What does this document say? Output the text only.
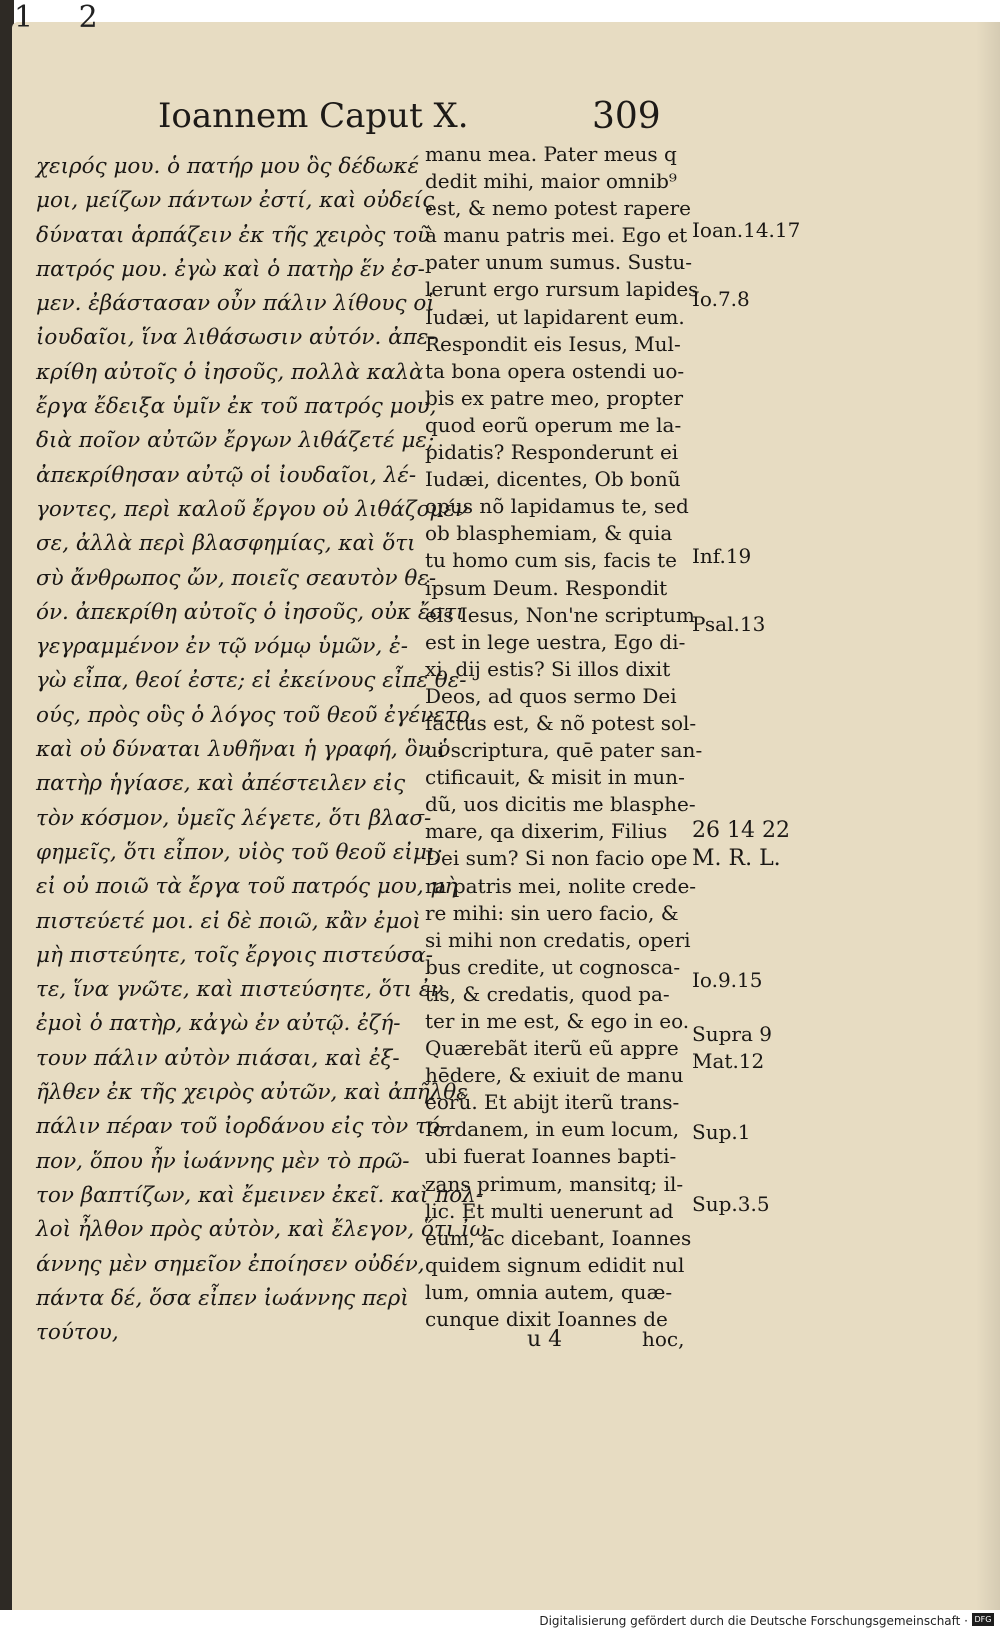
1 2
Ioannem Caput X.	309
χειρός μου. ὁ πατήρ μου ὃς δέδωκέ
μοι, μείζων πάντων ἐστί, καὶ οὐδείς
δύναται ἁρπάζειν ἐκ τῆς χειρὸς τοῦ
πατρός μου. ἐγὼ καὶ ὁ πατὴρ ἕν ἐσ-
μεν. ἐβάστασαν οὖν πάλιν λίθους οἱ
ἰουδαῖοι, ἵνα λιθάσωσιν αὐτόν. ἀπε-
κρίθη αὐτοῖς ὁ ἰησοῦς, πολλὰ καλὰ
ἔργα ἔδειξα ὑμῖν ἐκ τοῦ πατρός μου,
διὰ ποῖον αὐτῶν ἔργων λιθάζετέ με;
ἀπεκρίθησαν αὐτῷ οἱ ἰουδαῖοι, λέ-
γοντες, περὶ καλοῦ ἔργου οὐ λιθάζομέν
σε, ἀλλὰ περὶ βλασφημίας, καὶ ὅτι
σὺ ἄνθρωπος ὤν, ποιεῖς σεαυτὸν θε-
όν. ἀπεκρίθη αὐτοῖς ὁ ἰησοῦς, οὐκ ἔστι
γεγραμμένον ἐν τῷ νόμῳ ὑμῶν, ἐ-
γὼ εἶπα, θεοί ἐστε; εἰ ἐκείνους εἶπε θε-
ούς, πρὸς οὓς ὁ λόγος τοῦ θεοῦ ἐγένετο,
καὶ οὐ δύναται λυθῆναι ἡ γραφή, ὃν ὁ
πατὴρ ἡγίασε, καὶ ἀπέστειλεν εἰς
τὸν κόσμον, ὑμεῖς λέγετε, ὅτι βλασ-
φημεῖς, ὅτι εἶπον, υἱὸς τοῦ θεοῦ εἰμι;
εἰ οὐ ποιῶ τὰ ἔργα τοῦ πατρός μου, μὴ
πιστεύετέ μοι. εἰ δὲ ποιῶ, κἂν ἐμοὶ
μὴ πιστεύητε, τοῖς ἔργοις πιστεύσα-
τε, ἵνα γνῶτε, καὶ πιστεύσητε, ὅτι ἐν
ἐμοὶ ὁ πατὴρ, κἀγὼ ἐν αὐτῷ. ἐζή-
τουν πάλιν αὐτὸν πιάσαι, καὶ ἐξ-
ῆλθεν ἐκ τῆς χειρὸς αὐτῶν, καὶ ἀπῆλθε
πάλιν πέραν τοῦ ἰορδάνου εἰς τὸν τό-
πον, ὅπου ἦν ἰωάννης μὲν τὸ πρῶ-
τον βαπτίζων, καὶ ἔμεινεν ἐκεῖ. καὶ πολ-
λοὶ ἦλθον πρὸς αὐτὸν, καὶ ἔλεγον, ὅτι ἰω-
άννης μὲν σημεῖον ἐποίησεν οὐδέν,
πάντα δέ, ὅσα εἶπεν ἰωάννης περὶ
τούτου,
manu mea. Pater meus q
dedit mihi, maior omnib⁹
est, & nemo potest rapere
à manu patris mei. Ego et
pater unum sumus. Sustu-
lerunt ergo rursum lapides
Iudæi, ut lapidarent eum.
Respondit eis Iesus, Mul-
ta bona opera ostendi uo-
bis ex patre meo, propter
quod eorũ operum me la-
pidatis? Responderunt ei
Iudæi, dicentes, Ob bonũ
opus nõ lapidamus te, sed
ob blasphemiam, & quia
tu homo cum sis, facis te
ipsum Deum. Respondit
eis Iesus, Non'ne scriptum
est in lege uestra, Ego di-
xi, dij estis? Si illos dixit
Deos, ad quos sermo Dei
factus est, & nõ potest sol-
ui scriptura, quē pater san-
ctificauit, & misit in mun-
dũ, uos dicitis me blasphe-
mare, qa dixerim, Filius
Dei sum? Si non facio ope
ra patris mei, nolite crede-
re mihi: sin uero facio, &
si mihi non credatis, operi
bus credite, ut cognosca-
tis, & credatis, quod pa-
ter in me est, & ego in eo.
Quærebãt iterũ eũ appre
hēdere, & exiuit de manu
eorũ. Et abijt iterũ trans-
Iordanem, in eum locum,
ubi fuerat Ioannes bapti-
zans primum, mansitq; il-
lic. Et multi uenerunt ad
eum, ac dicebant, Ioannes
quidem signum edidit nul
lum, omnia autem, quæ-
cunque dixit Ioannes de
Ioan.14.17
Io.7.8
Inf.19
Psal.13
26 14 22
M. R. L.
Io.9.15
Supra 9
Mat.12
Sup.1
Sup.3.5
u 4	hoc,
Digitalisierung gefördert durch die Deutsche Forschungsgemeinschaft · DFG
